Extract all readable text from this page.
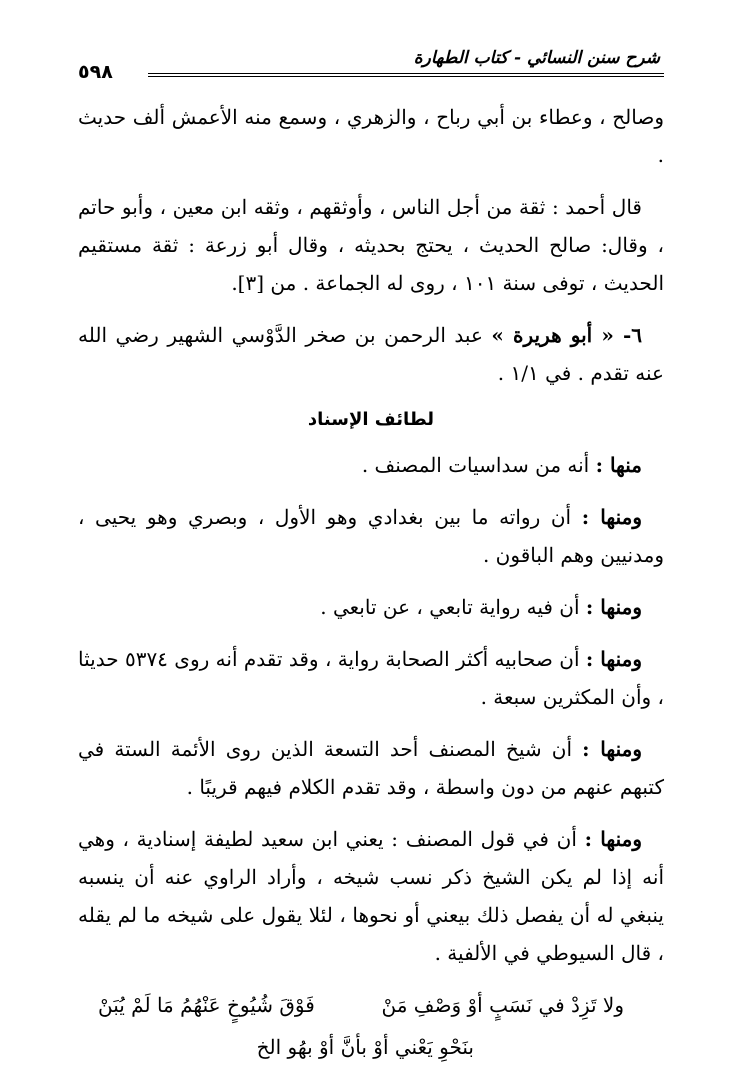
شرح سنن النسائي - كتاب الطهارة
٥٩٨

وصالح ، وعطاء بن أبي رباح ، والزهري ، وسمع منه الأعمش ألف حديث .

قال أحمد : ثقة من أجل الناس ، وأوثقهم ، وثقه ابن معين ، وأبو حاتم ، وقال: صالح الحديث ، يحتج بحديثه ، وقال أبو زرعة : ثقة مستقيم الحديث ، توفى سنة ١٠١ ، روى له الجماعة . من [٣].

٦- « أبو هريرة » عبد الرحمن بن صخر الدَّوْسي الشهير رضي الله عنه تقدم . في ١/١ .

لطائف الإسناد

منها : أنه من سداسيات المصنف .

ومنها : أن رواته ما بين بغدادي وهو الأول ، وبصري وهو يحيى ، ومدنيين وهم الباقون .

ومنها : أن فيه رواية تابعي ، عن تابعي .

ومنها : أن صحابيه أكثر الصحابة رواية ، وقد تقدم أنه روى ٥٣٧٤ حديثا ، وأن المكثرين سبعة .

ومنها : أن شيخ المصنف أحد التسعة الذين روى الأئمة الستة في كتبهم عنهم من دون واسطة ، وقد تقدم الكلام فيهم قريبًا .

ومنها : أن في قول المصنف : يعني ابن سعيد لطيفة إسنادية ، وهي أنه إذا لم يكن الشيخ ذكر نسب شيخه ، وأراد الراوي عنه أن ينسبه ينبغي له أن يفصل ذلك بيعني أو نحوها ، لئلا يقول على شيخه ما لم يقله ، قال السيوطي في الألفية .

ولا تَزِدْ في نَسَبٍ أوْ وَصْفِ مَنْ
فَوْقَ شُيُوخٍ عَنْهُمُ مَا لَمْ يُبَنْ
بنَحْوِ يَعْني أوْ بأنَّ أوْ بهُو الخ
